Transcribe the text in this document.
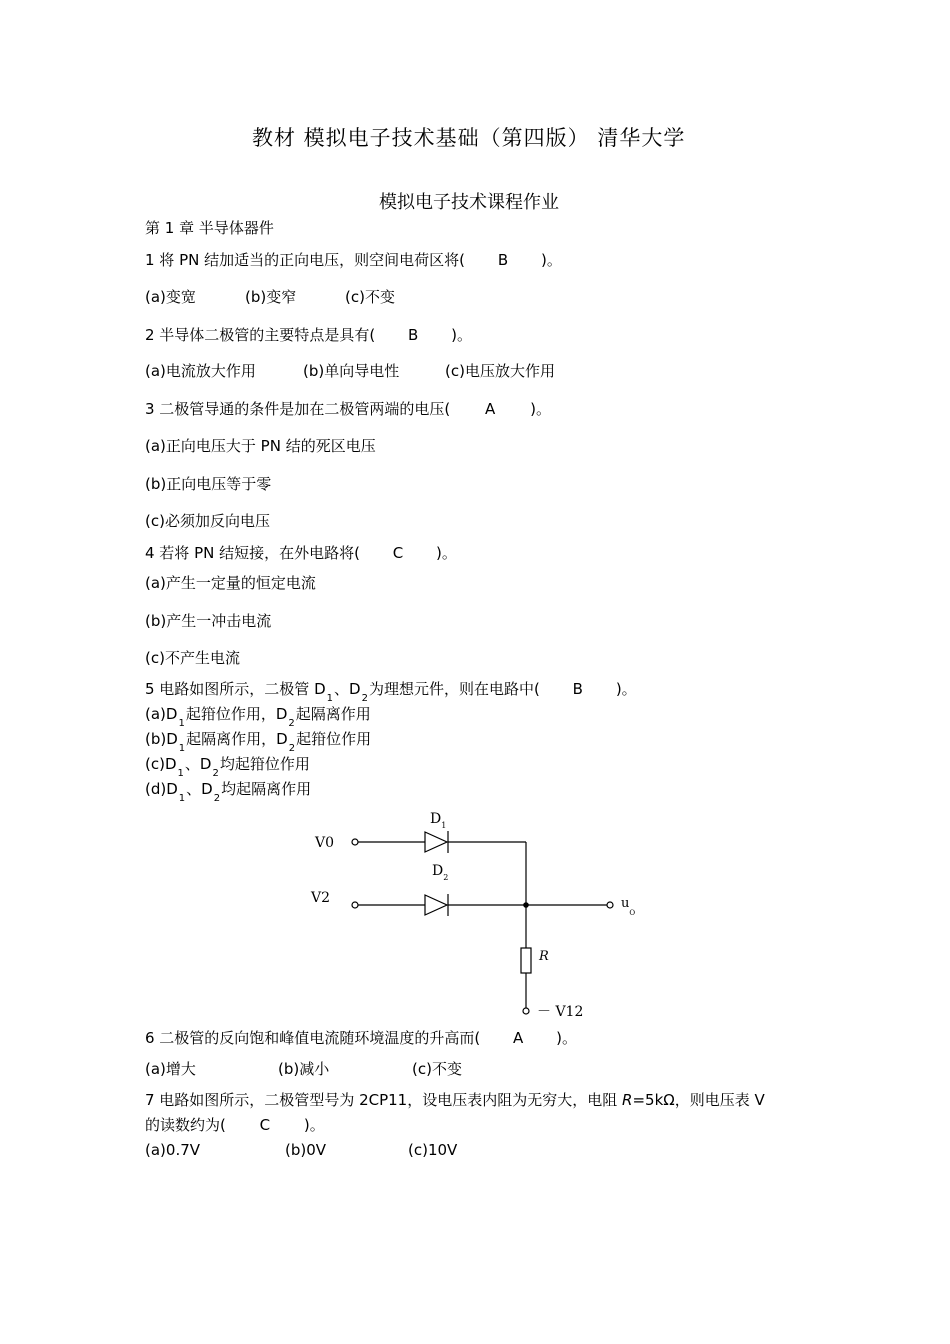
教材 模拟电子技术基础（第四版） 清华大学
模拟电子技术课程作业
第 1 章 半导体器件
1 将 PN 结加适当的正向电压，则空间电荷区将( B )。
(a)变宽	(b)变窄	(c)不变
2 半导体二极管的主要特点是具有( B )。
(a)电流放大作用	(b)单向导电性	(c)电压放大作用
3 二极管导通的条件是加在二极管两端的电压( A )。
(a)正向电压大于 PN 结的死区电压
(b)正向电压等于零
(c)必须加反向电压
4 若将 PN 结短接，在外电路将( C )。
(a)产生一定量的恒定电流
(b)产生一冲击电流
(c)不产生电流
5 电路如图所示，二极管 $D_1$、$D_2$为理想元件，则在电路中( B )。
$(a)D_1$起箝位作用，$D_2$起隔离作用
$(b)D_1$起隔离作用，$D_2$起箝位作用
$(c)D_1$、$D_2$均起箝位作用
$(d)D_1$、$D_2$均起隔离作用
$D_1$
$D_2$
V0
V2	$u_O$
R
－ V12
6 二极管的反向饱和峰值电流随环境温度的升高而( A )。
(a)增大	(b)减小	(c)不变
7 电路如图所示，二极管型号为 2CP11，设电压表内阻为无穷大，电阻 R=5kΩ，则电压表 V
的读数约为( C )。
(a)0.7V	(b)0V	(c)10V
